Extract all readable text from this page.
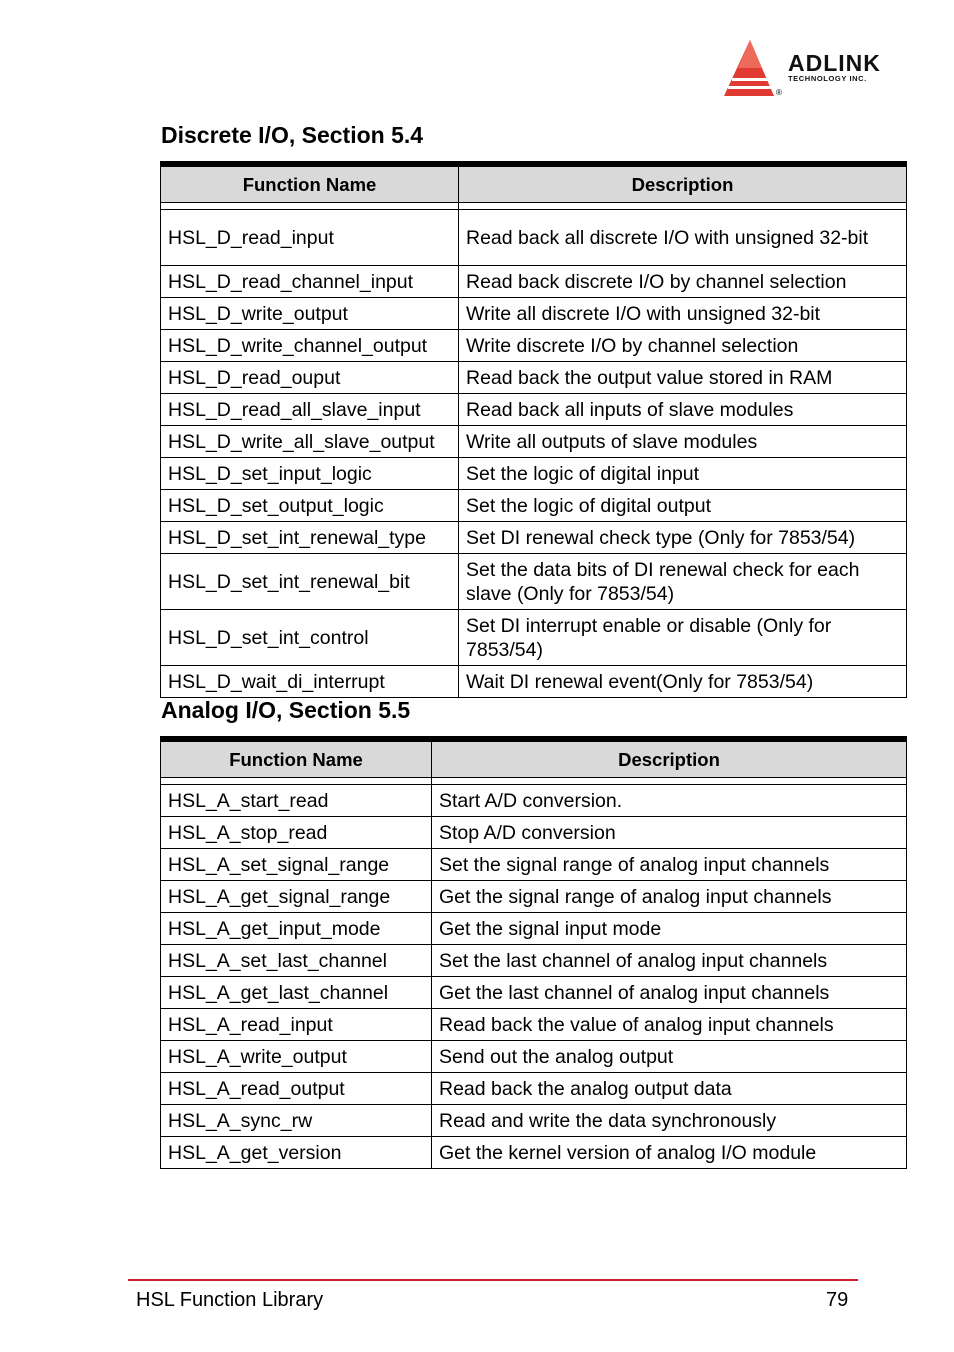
ADLINK
TECHNOLOGY INC.
®
Discrete I/O, Section 5.4
Function Name	Description

HSL_D_read_input	Read back all discrete I/O with unsigned 32-bit
HSL_D_read_channel_input	Read back discrete I/O by channel selection
HSL_D_write_output	Write all discrete I/O with unsigned 32-bit
HSL_D_write_channel_output	Write discrete I/O by channel selection
HSL_D_read_ouput	Read back the output value stored in RAM
HSL_D_read_all_slave_input	Read back all inputs of slave modules
HSL_D_write_all_slave_output	Write all outputs of slave modules
HSL_D_set_input_logic	Set the logic of digital input
HSL_D_set_output_logic	Set the logic of digital output
HSL_D_set_int_renewal_type	Set DI renewal check type (Only for 7853/54)
HSL_D_set_int_renewal_bit	Set the data bits of DI renewal check for each slave (Only for 7853/54)
HSL_D_set_int_control	Set DI interrupt enable or disable (Only for 7853/54)
HSL_D_wait_di_interrupt	Wait DI renewal event(Only for 7853/54)
Analog I/O, Section 5.5
Function Name	Description

HSL_A_start_read	Start A/D conversion.
HSL_A_stop_read	Stop A/D conversion
HSL_A_set_signal_range	Set the signal range of analog input channels
HSL_A_get_signal_range	Get the signal range of analog input channels
HSL_A_get_input_mode	Get the signal input mode
HSL_A_set_last_channel	Set the last channel of analog input channels
HSL_A_get_last_channel	Get the last channel of analog input channels
HSL_A_read_input	Read back the value of analog input channels
HSL_A_write_output	Send out the analog output
HSL_A_read_output	Read back the analog output data
HSL_A_sync_rw	Read and write the data synchronously
HSL_A_get_version	Get the kernel version of analog I/O module
HSL Function Library	79
